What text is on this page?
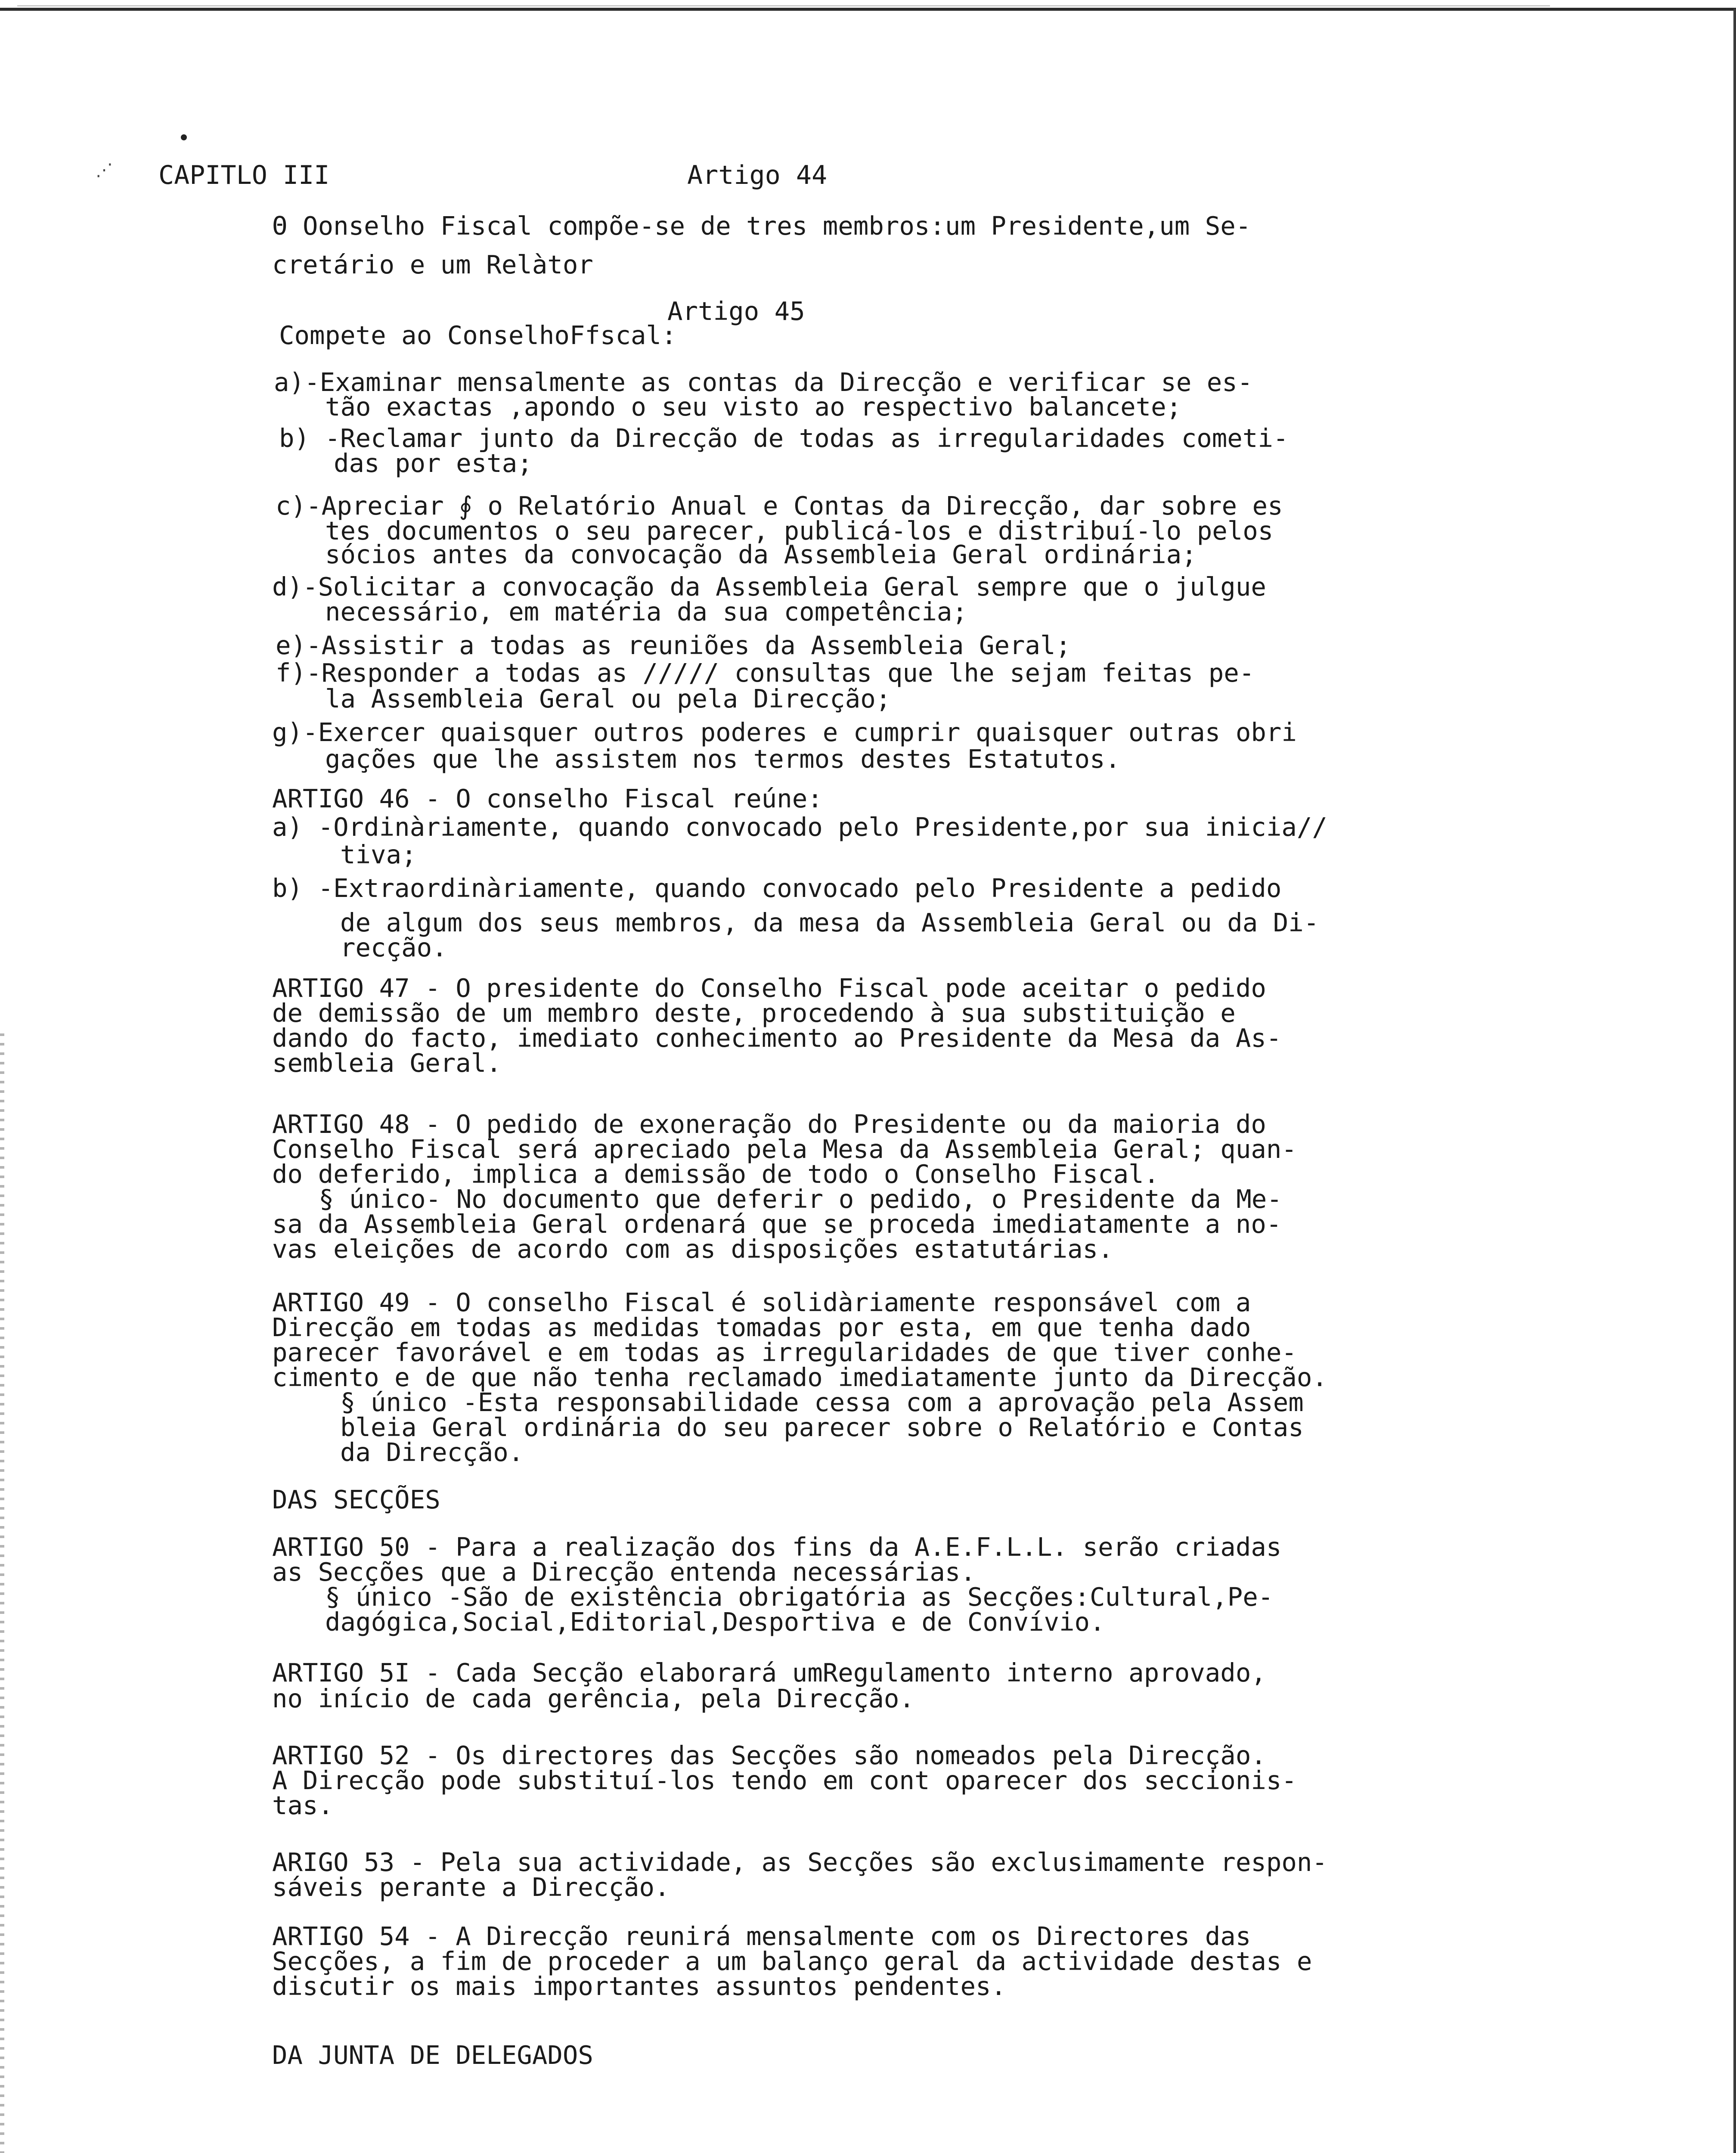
⋰ CAPITLO III	Artigo 44
Θ Oonselho Fiscal compõe-se de tres membros:um Presidente,um Se-
cretário e um Relàtor
Artigo 45
Compete ao ConselhoFfscal:
a)-Examinar mensalmente as contas da Direcção e verificar se es-
tão exactas ,apondo o seu visto ao respectivo balancete;
b) -Reclamar junto da Direcção de todas as irregularidades cometi-
das por esta;
c)-Apreciar ∮ o Relatório Anual e Contas da Direcção, dar sobre es
tes documentos o seu parecer, publicá-los e distribuí-lo pelos
sócios antes da convocação da Assembleia Geral ordinária;
d)-Solicitar a convocação da Assembleia Geral sempre que o julgue
necessário, em matéria da sua competência;
e)-Assistir a todas as reuniões da Assembleia Geral;
f)-Responder a todas as ///// consultas que lhe sejam feitas pe-
la Assembleia Geral ou pela Direcção;
g)-Exercer quaisquer outros poderes e cumprir quaisquer outras obri
gações que lhe assistem nos termos destes Estatutos.
ARTIGO 46 - O conselho Fiscal reúne:
a) -Ordinàriamente, quando convocado pelo Presidente,por sua inicia//
tiva;
b) -Extraordinàriamente, quando convocado pelo Presidente a pedido
de algum dos seus membros, da mesa da Assembleia Geral ou da Di-
recção.
ARTIGO 47 - O presidente do Conselho Fiscal pode aceitar o pedido
de demissão de um membro deste, procedendo à sua substituição e
dando do facto, imediato conhecimento ao Presidente da Mesa da As-
sembleia Geral.
ARTIGO 48 - O pedido de exoneração do Presidente ou da maioria do
Conselho Fiscal será apreciado pela Mesa da Assembleia Geral; quan-
do deferido, implica a demissão de todo o Conselho Fiscal.
§ único- No documento que deferir o pedido, o Presidente da Me-
sa da Assembleia Geral ordenará que se proceda imediatamente a no-
vas eleições de acordo com as disposições estatutárias.
ARTIGO 49 - O conselho Fiscal é solidàriamente responsável com a
Direcção em todas as medidas tomadas por esta, em que tenha dado
parecer favorável e em todas as irregularidades de que tiver conhe-
cimento e de que não tenha reclamado imediatamente junto da Direcção.
§ único -Esta responsabilidade cessa com a aprovação pela Assem
bleia Geral ordinária do seu parecer sobre o Relatório e Contas
da Direcção.
DAS SECÇÕES
ARTIGO 50 - Para a realização dos fins da A.E.F.L.L. serão criadas
as Secções que a Direcção entenda necessárias.
§ único -São de existência obrigatória as Secções:Cultural,Pe-
dagógica,Social,Editorial,Desportiva e de Convívio.
ARTIGO 5I - Cada Secção elaborará umRegulamento interno aprovado,
no início de cada gerência, pela Direcção.
ARTIGO 52 - Os directores das Secções são nomeados pela Direcção.
A Direcção pode substituí-los tendo em cont oparecer dos seccionis-
tas.
ARIGO 53 - Pela sua actividade, as Secções são exclusimamente respon-
sáveis perante a Direcção.
ARTIGO 54 - A Direcção reunirá mensalmente com os Directores das
Secções, a fim de proceder a um balanço geral da actividade destas e
discutir os mais importantes assuntos pendentes.
DA JUNTA DE DELEGADOS
